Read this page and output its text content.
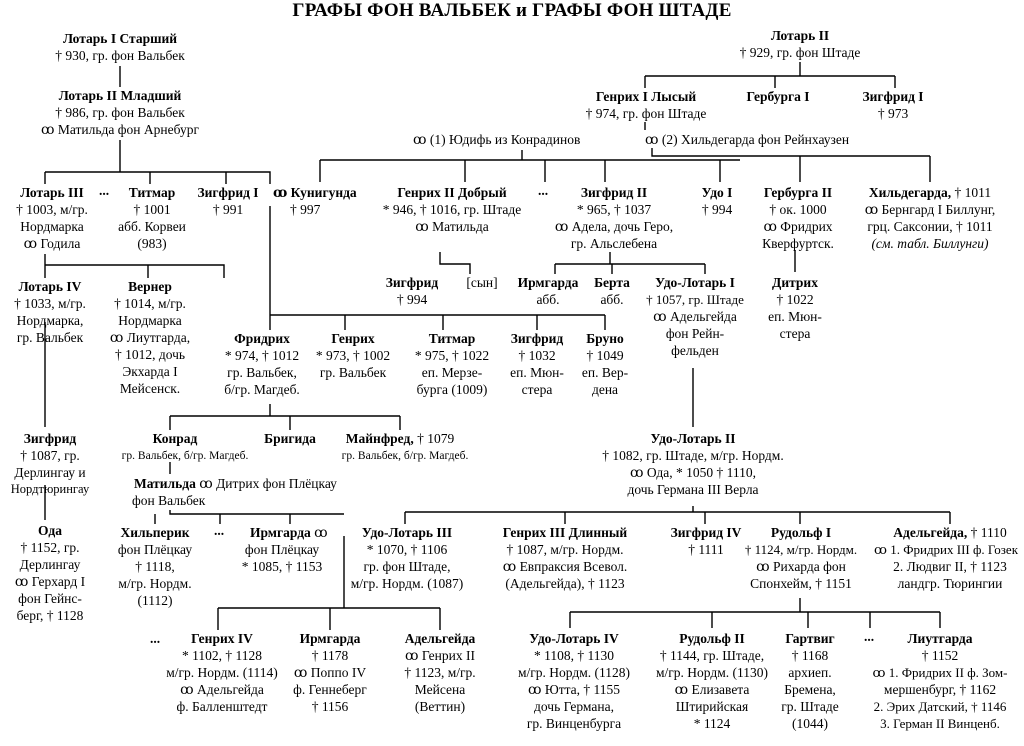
ГРАФЫ ФОН ВАЛЬБЕК и ГРАФЫ ФОН ШТАДЕ
Лотарь I Старший
† 930, гр. фон Вальбек
Лотарь II Младший
† 986, гр. фон Вальбек
ꝏ Матильда фон Арнебург
Лотарь III
† 1003, м/гр.
Нордмарка
ꝏ Годила
... Титмар
† 1001
абб. Корвеи
(983)
Зигфрид I
† 991
ꝏ Кунигунда
† 997
Лотарь IV
† 1033, м/гр.
Нордмарка,
гр. Вальбек
Вернер
† 1014, м/гр.
Нордмарка
ꝏ Лиутгарда,
† 1012, дочь
Экхарда I
Мейсенск.
Фридрих
* 974, † 1012
гр. Вальбек,
б/гр. Магдеб.
Генрих
* 973, † 1002
гр. Вальбек
Титмар
* 975, † 1022
еп. Мерзе-
бурга (1009)
Зигфрид
† 1032
еп. Мюн-
стера
Бруно
† 1049
еп. Вер-
дена
Зигфрид
† 1087, гр.
Дерлингау и
Нордтюрингау
Конрад
гр. Вальбек, б/гр. Магдеб.
Бригида Майнфред, † 1079
гр. Вальбек, б/гр. Магдеб.
Матильда ꝏ Дитрих фон Плёцкау
фон Вальбек
Ода
† 1152, гр.
Дерлингау
ꝏ Герхард I
фон Гейнс-
берг, † 1128
Хильперик
фон Плёцкау
† 1118,
м/гр. Нордм.
(1112)
... Ирмгарда ꝏ
фон Плёцкау
* 1085, † 1153
... Генрих IV
* 1102, † 1128
м/гр. Нордм. (1114)
ꝏ Адельгейда
ф. Балленштедт
Ирмгарда
† 1178
ꝏ Поппо IV
ф. Геннеберг
† 1156
Адельгейда
ꝏ Генрих II
† 1123, м/гр.
Мейсена
(Веттин)
Лотарь II
† 929, гр. фон Штаде
Генрих I Лысый
† 974, гр. фон Штаде
Гербурга I	Зигфрид I
† 973
ꝏ (1) Юдифь из Конрадинов	ꝏ (2) Хильдегарда фон Рейнхаузен
Генрих II Добрый
* 946, † 1016, гр. Штаде
ꝏ Матильда
... Зигфрид II
* 965, † 1037
ꝏ Адела, дочь Геро,
гр. Альслебена
Удо I
† 994
Гербурга II
† ок. 1000
ꝏ Фридрих
Кверфуртск.
Хильдегарда, † 1011
ꝏ Бернгард I Биллунг,
грц. Саксонии, † 1011
(см. табл. Биллунги)
Зигфрид
† 994
[сын] Ирмгарда
абб.
Берта
абб.
Удо-Лотарь I
† 1057, гр. Штаде
ꝏ Адельгейда
фон Рейн-
фельден
Дитрих
† 1022
еп. Мюн-
стера
Удо-Лотарь II
† 1082, гр. Штаде, м/гр. Нордм.
ꝏ Ода, * 1050 † 1110,
дочь Германа III Верла
Удо-Лотарь III
* 1070, † 1106
гр. фон Штаде,
м/гр. Нордм. (1087)
Генрих III Длинный
† 1087, м/гр. Нордм.
ꝏ Евпраксия Всевол.
(Адельгейда), † 1123
Зигфрид IV
† 1111
Рудольф I
† 1124, м/гр. Нордм.
ꝏ Рихарда фон
Спонхейм, † 1151
Адельгейда, † 1110
ꝏ 1. Фридрих III ф. Гозек
2. Людвиг II, † 1123
ландгр. Тюрингии
Удо-Лотарь IV
* 1108, † 1130
м/гр. Нордм. (1128)
ꝏ Ютта, † 1155
дочь Германа,
гр. Винценбурга
Рудольф II
† 1144, гр. Штаде,
м/гр. Нордм. (1130)
ꝏ Елизавета
Штирийская
* 1124
Гартвиг
† 1168
архиеп.
Бремена,
гр. Штаде
(1044)
... Лиутгарда
† 1152
ꝏ 1. Фридрих II ф. Зом-
мершенбург, † 1162
2. Эрих Датский, † 1146
3. Герман II Винценб.
